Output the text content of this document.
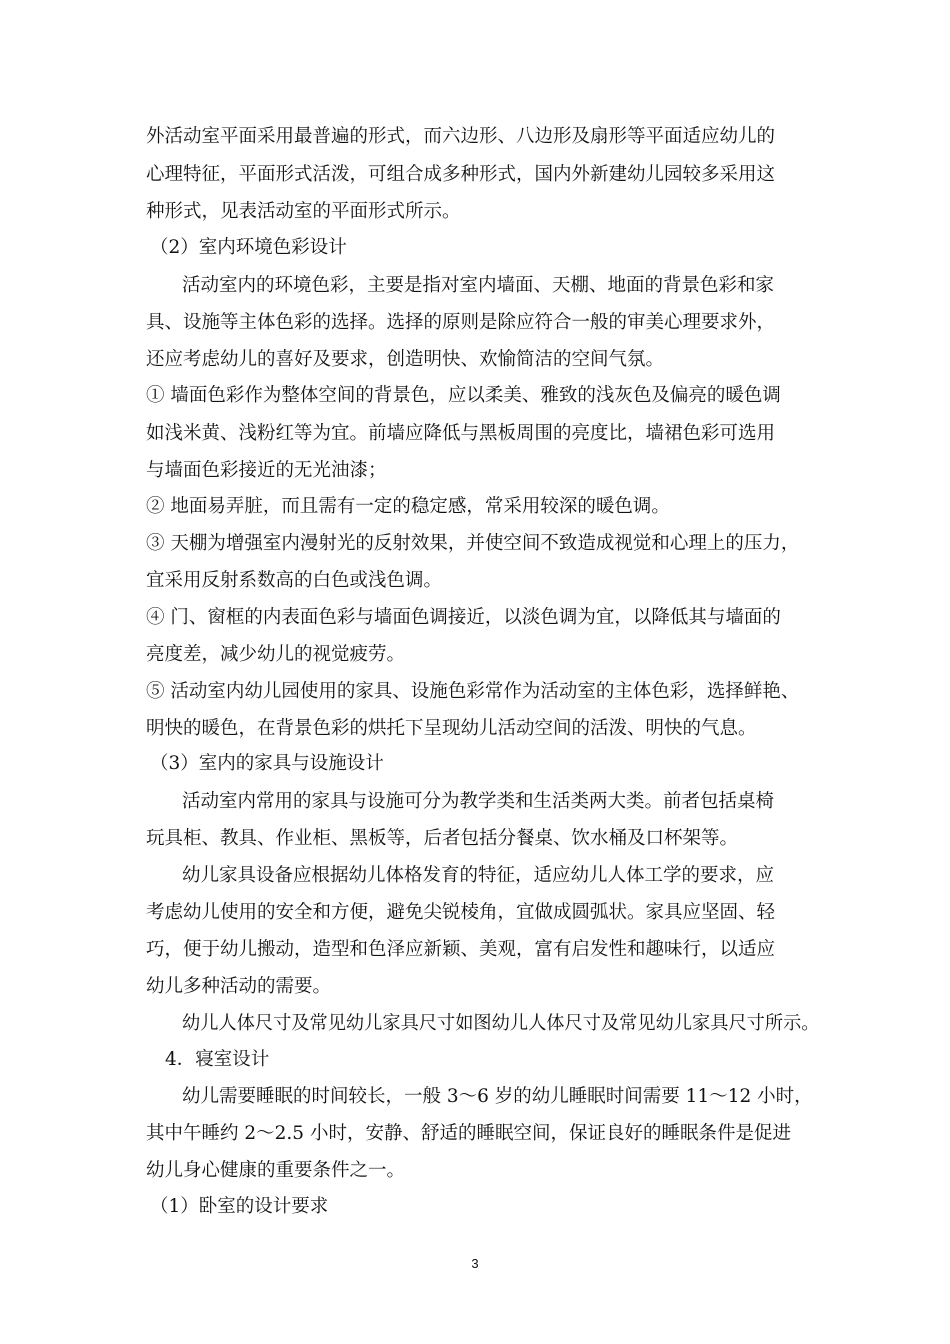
外活动室平面采用最普遍的形式，而六边形、八边形及扇形等平面适应幼儿的
心理特征，平面形式活泼，可组合成多种形式，国内外新建幼儿园较多采用这
种形式，见表活动室的平面形式所示。
（2）室内环境色彩设计
活动室内的环境色彩，主要是指对室内墙面、天棚、地面的背景色彩和家
具、设施等主体色彩的选择。选择的原则是除应符合一般的审美心理要求外，
还应考虑幼儿的喜好及要求，创造明快、欢愉简洁的空间气氛。
① 墙面色彩作为整体空间的背景色，应以柔美、雅致的浅灰色及偏亮的暖色调
如浅米黄、浅粉红等为宜。前墙应降低与黑板周围的亮度比，墙裙色彩可选用
与墙面色彩接近的无光油漆；
② 地面易弄脏，而且需有一定的稳定感，常采用较深的暖色调。
③ 天棚为增强室内漫射光的反射效果，并使空间不致造成视觉和心理上的压力，
宜采用反射系数高的白色或浅色调。
④ 门、窗框的内表面色彩与墙面色调接近，以淡色调为宜，以降低其与墙面的
亮度差，减少幼儿的视觉疲劳。
⑤ 活动室内幼儿园使用的家具、设施色彩常作为活动室的主体色彩，选择鲜艳、
明快的暖色，在背景色彩的烘托下呈现幼儿活动空间的活泼、明快的气息。
（3）室内的家具与设施设计
活动室内常用的家具与设施可分为教学类和生活类两大类。前者包括桌椅
玩具柜、教具、作业柜、黑板等，后者包括分餐桌、饮水桶及口杯架等。
幼儿家具设备应根据幼儿体格发育的特征，适应幼儿人体工学的要求，应
考虑幼儿使用的安全和方便，避免尖锐棱角，宜做成圆弧状。家具应坚固、轻
巧，便于幼儿搬动，造型和色泽应新颖、美观，富有启发性和趣味行，以适应
幼儿多种活动的需要。
幼儿人体尺寸及常见幼儿家具尺寸如图幼儿人体尺寸及常见幼儿家具尺寸所示。
4．寝室设计
幼儿需要睡眠的时间较长，一般 3～6 岁的幼儿睡眠时间需要 11～12 小时，
其中午睡约 2～2.5 小时，安静、舒适的睡眠空间，保证良好的睡眠条件是促进
幼儿身心健康的重要条件之一。
（1）卧室的设计要求
3
